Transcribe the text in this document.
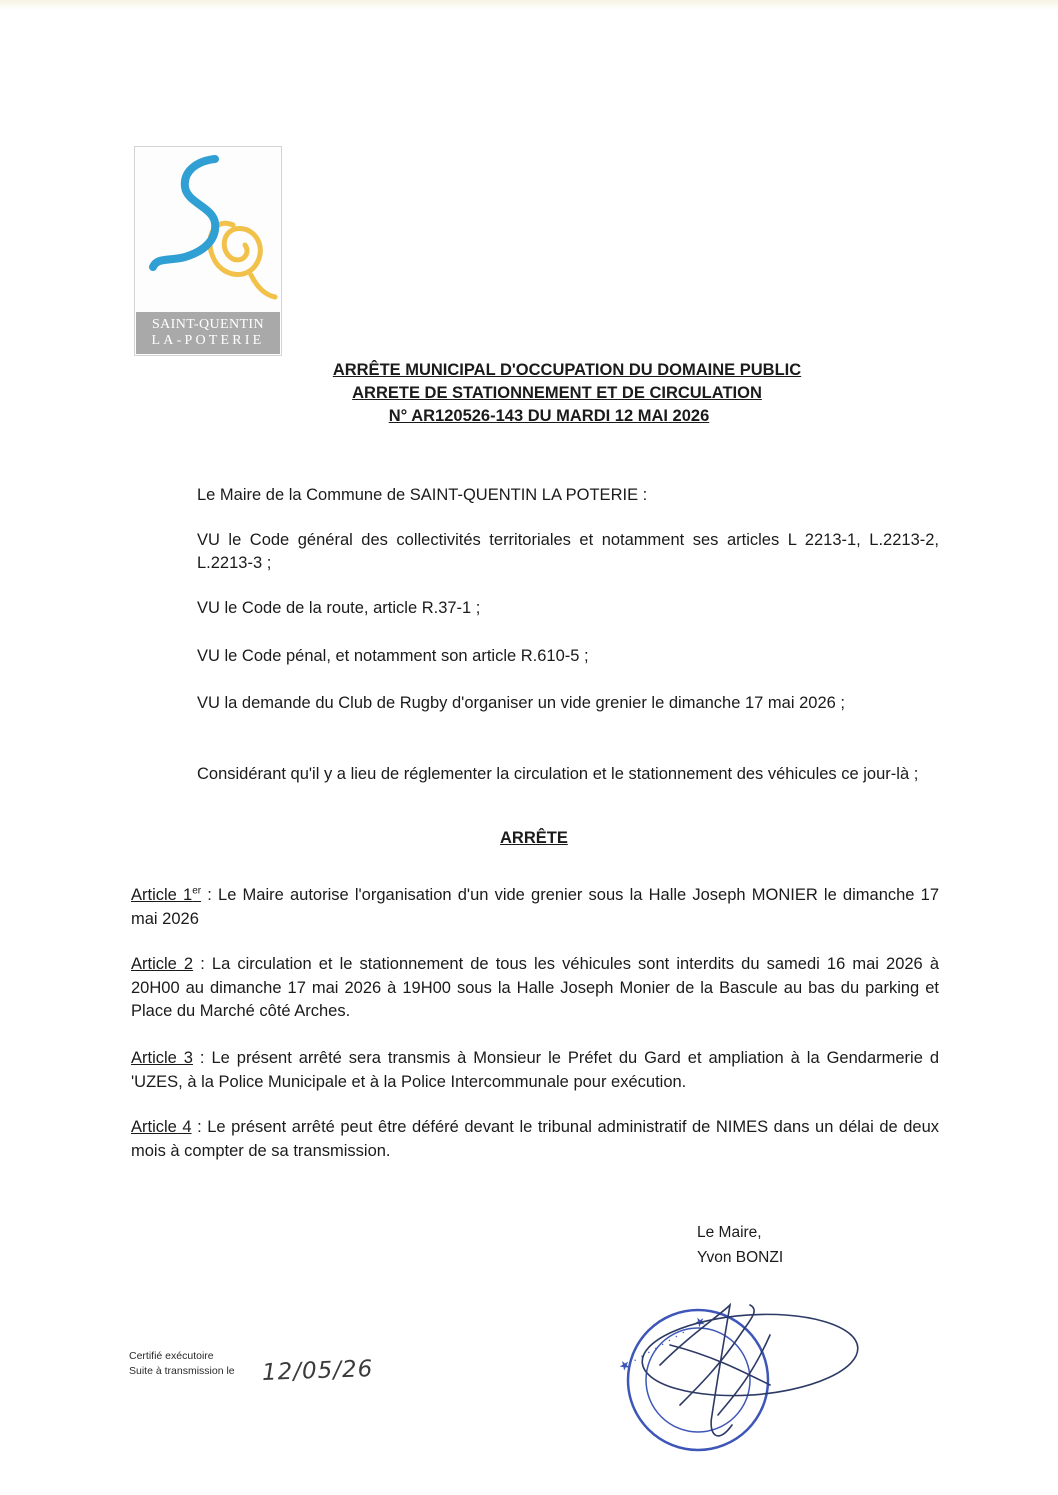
SAINT-QUENTIN
LA-POTERIE
ARRÊTE MUNICIPAL D'OCCUPATION DU DOMAINE PUBLIC
ARRETE DE STATIONNEMENT ET DE CIRCULATION
N° AR120526-143 DU MARDI 12 MAI 2026

Le Maire de la Commune de SAINT-QUENTIN LA POTERIE :

VU le Code général des collectivités territoriales et notamment ses articles L 2213-1, L.2213-2, L.2213-3 ;

VU le Code de la route, article R.37-1 ;

VU le Code pénal, et notamment son article R.610-5 ;

VU la demande du Club de Rugby d'organiser un vide grenier le dimanche 17 mai 2026 ;

Considérant qu'il y a lieu de réglementer la circulation et le stationnement des véhicules ce jour-là ;

ARRÊTE

Article 1er : Le Maire autorise l'organisation d'un vide grenier sous la Halle Joseph MONIER le dimanche 17 mai 2026

Article 2 : La circulation et le stationnement de tous les véhicules sont interdits du samedi 16 mai 2026 à 20H00 au dimanche 17 mai 2026 à 19H00 sous la Halle Joseph Monier de la Bascule au bas du parking et Place du Marché côté Arches.

Article 3 : Le présent arrêté sera transmis à Monsieur le Préfet du Gard et ampliation à la Gendarmerie d 'UZES, à la Police Municipale et à la Police Intercommunale pour exécution.

Article 4 : Le présent arrêté peut être déféré devant le tribunal administratif de NIMES dans un délai de deux mois à compter de sa transmission.

Le Maire,
Yvon BONZI
★ · · · · · · · · · ★
Certifié exécutoire
Suite à transmission le 12/05/26
